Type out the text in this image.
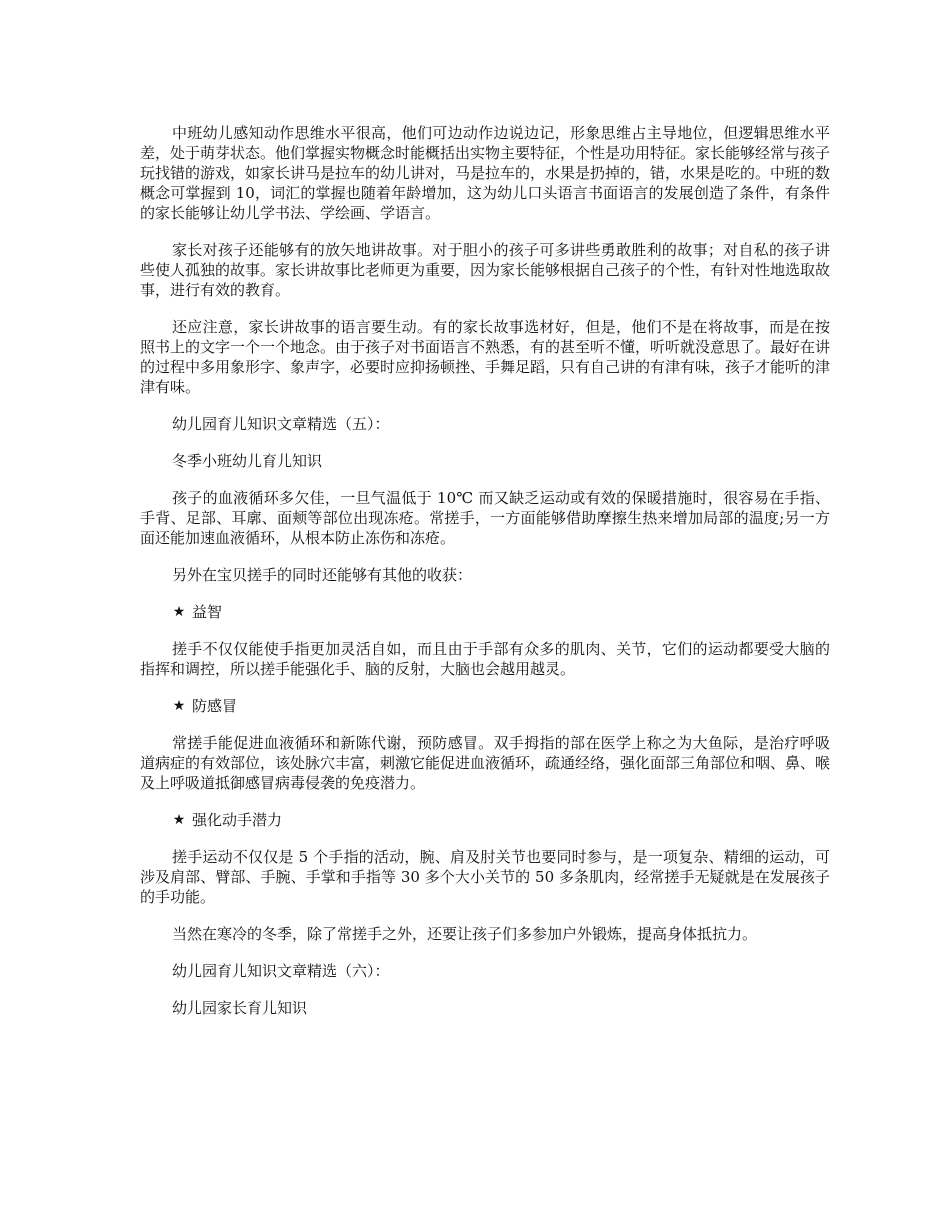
中班幼儿感知动作思维水平很高，他们可边动作边说边记，形象思维占主导地位，但逻辑思维水平差，处于萌芽状态。他们掌握实物概念时能概括出实物主要特征，个性是功用特征。家长能够经常与孩子玩找错的游戏，如家长讲马是拉车的幼儿讲对，马是拉车的，水果是扔掉的，错，水果是吃的。中班的数概念可掌握到 10，词汇的掌握也随着年龄增加，这为幼儿口头语言书面语言的发展创造了条件，有条件的家长能够让幼儿学书法、学绘画、学语言。

家长对孩子还能够有的放矢地讲故事。对于胆小的孩子可多讲些勇敢胜利的故事；对自私的孩子讲些使人孤独的故事。家长讲故事比老师更为重要，因为家长能够根据自己孩子的个性，有针对性地选取故事，进行有效的教育。

还应注意，家长讲故事的语言要生动。有的家长故事选材好，但是，他们不是在将故事，而是在按照书上的文字一个一个地念。由于孩子对书面语言不熟悉，有的甚至听不懂，听听就没意思了。最好在讲的过程中多用象形字、象声字，必要时应抑扬顿挫、手舞足蹈，只有自己讲的有津有味，孩子才能听的津津有味。

幼儿园育儿知识文章精选（五）：

冬季小班幼儿育儿知识

孩子的血液循环多欠佳，一旦气温低于 10℃ 而又缺乏运动或有效的保暖措施时，很容易在手指、手背、足部、耳廓、面颊等部位出现冻疮。常搓手，一方面能够借助摩擦生热来增加局部的温度;另一方面还能加速血液循环，从根本防止冻伤和冻疮。

另外在宝贝搓手的同时还能够有其他的收获：

★ 益智

搓手不仅仅能使手指更加灵活自如，而且由于手部有众多的肌肉、关节，它们的运动都要受大脑的指挥和调控，所以搓手能强化手、脑的反射，大脑也会越用越灵。

★ 防感冒

常搓手能促进血液循环和新陈代谢，预防感冒。双手拇指的部在医学上称之为大鱼际，是治疗呼吸道病症的有效部位，该处脉穴丰富，刺激它能促进血液循环，疏通经络，强化面部三角部位和咽、鼻、喉及上呼吸道抵御感冒病毒侵袭的免疫潜力。

★ 强化动手潜力

搓手运动不仅仅是 5 个手指的活动，腕、肩及肘关节也要同时参与，是一项复杂、精细的运动，可涉及肩部、臂部、手腕、手掌和手指等 30 多个大小关节的 50 多条肌肉，经常搓手无疑就是在发展孩子的手功能。

当然在寒冷的冬季，除了常搓手之外，还要让孩子们多参加户外锻炼，提高身体抵抗力。

幼儿园育儿知识文章精选（六）：

幼儿园家长育儿知识
